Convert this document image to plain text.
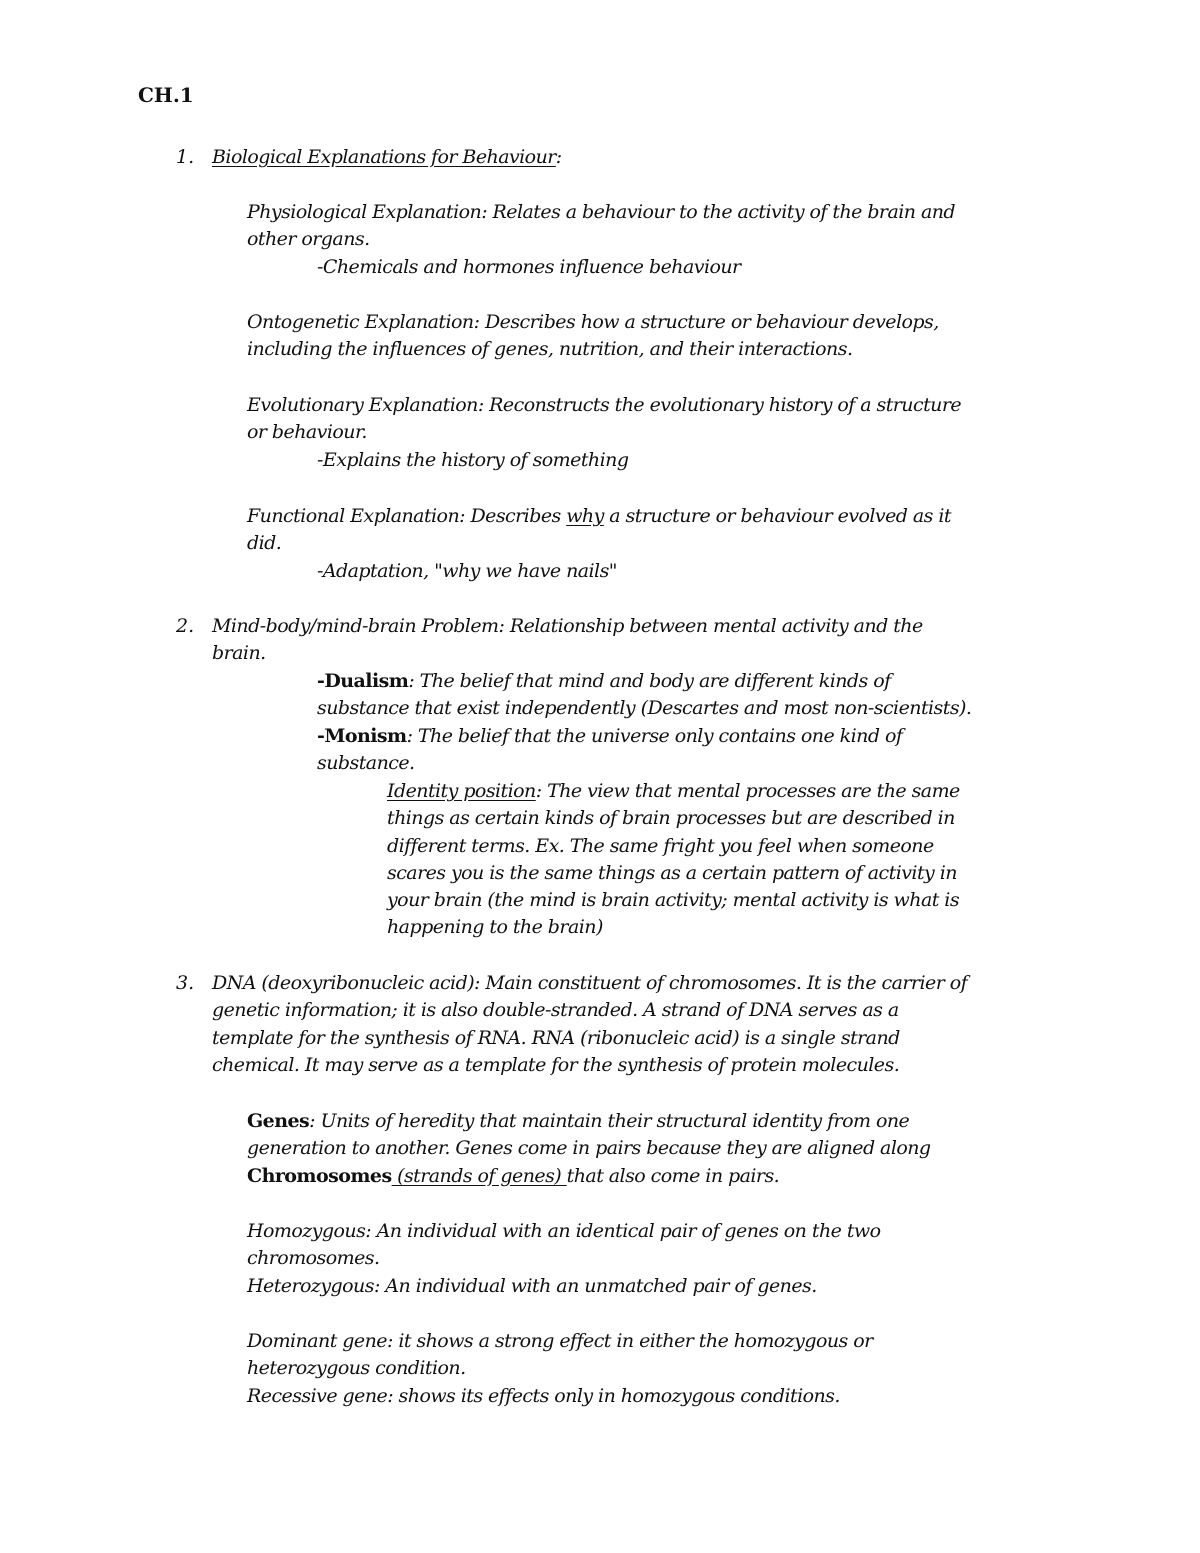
CH.1
1. Biological Explanations for Behaviour:
Physiological Explanation: Relates a behaviour to the activity of the brain and
other organs.
-Chemicals and hormones influence behaviour
Ontogenetic Explanation: Describes how a structure or behaviour develops,
including the influences of genes, nutrition, and their interactions.
Evolutionary Explanation: Reconstructs the evolutionary history of a structure
or behaviour.
-Explains the history of something
Functional Explanation: Describes why a structure or behaviour evolved as it
did.
-Adaptation, "why we have nails"
2. Mind-body/mind-brain Problem: Relationship between mental activity and the
brain.
-Dualism: The belief that mind and body are different kinds of
substance that exist independently (Descartes and most non-scientists).
-Monism: The belief that the universe only contains one kind of
substance.
Identity position: The view that mental processes are the same
things as certain kinds of brain processes but are described in
different terms. Ex. The same fright you feel when someone
scares you is the same things as a certain pattern of activity in
your brain (the mind is brain activity; mental activity is what is
happening to the brain)
3. DNA (deoxyribonucleic acid): Main constituent of chromosomes. It is the carrier of
genetic information; it is also double-stranded. A strand of DNA serves as a
template for the synthesis of RNA. RNA (ribonucleic acid) is a single strand
chemical. It may serve as a template for the synthesis of protein molecules.
Genes: Units of heredity that maintain their structural identity from one
generation to another. Genes come in pairs because they are aligned along
Chromosomes (strands of genes) that also come in pairs.
Homozygous: An individual with an identical pair of genes on the two
chromosomes.
Heterozygous: An individual with an unmatched pair of genes.
Dominant gene: it shows a strong effect in either the homozygous or
heterozygous condition.
Recessive gene: shows its effects only in homozygous conditions.
